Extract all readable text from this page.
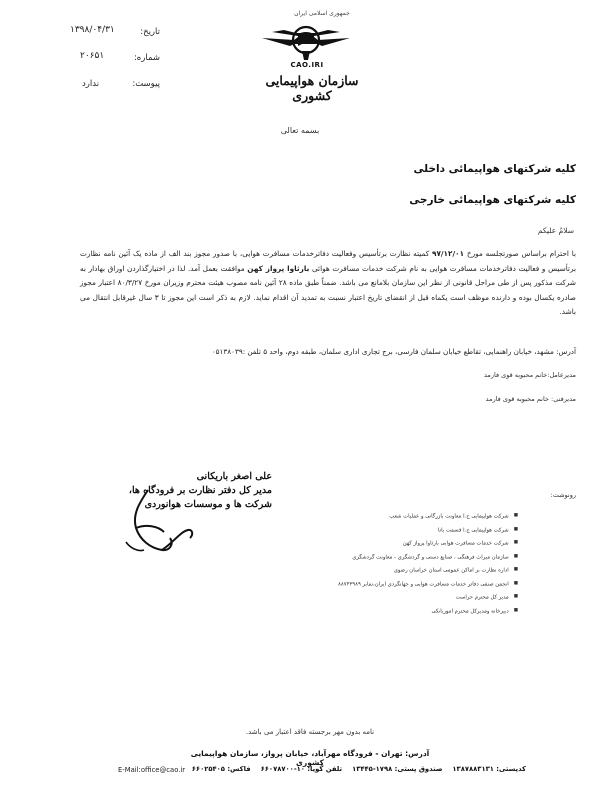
تاریخ:
۱۳۹۸/۰۴/۳۱
شماره:
۲۰۶۵۱
پیوست:
ندارد
جمهوری اسلامی ایران
CAO.IRI
سازمان هواپیمایی کشوری
بسمه تعالی
کلیه شرکتهای هواپیمائی داخلی
کلیه شرکتهای هواپیمائی خارجی
سلامٌ علیکم
با احترام براساس صورتجلسه مورخ ۹۷/۱۲/۰۱ کمیته نظارت برتأسیس وفعالیت دفاترخدمات مسافرت هوایی، با صدور مجوز بند الف از ماده یک آئین نامه نظارت برتأسیس و فعالیت دفاترخدمات مسافرت هوایی به نام شرکت خدمات مسافرت هوائی بارثاوا پرواز کهن موافقت بعمل آمد. لذا در اختیارگذاردن اوراق بهادار به شرکت مذکور پس از طی مراحل قانونی از نظر این سازمان بلامانع می باشد. ضمناً طبق ماده ۲۸ آئین نامه مصوب هیئت محترم وزیران مورخ ۸۰/۳/۲۷ اعتبار مجوز صادره یکسال بوده و دارنده موظف است یکماه قبل از انقضای تاریخ اعتبار نسبت به تمدید آن اقدام نماید. لازم به ذکر است این مجوز تا ۳ سال غیرقابل انتقال می باشد.
آدرس: مشهد، خیابان راهنمایی، تقاطع خیابان سلمان فارسی، برج تجاری اداری سلمان، طبقه دوم، واحد ۵ تلفن :۰۵۱۳۸۰۳۹
مدیرعامل:خانم محبوبه قوی فارمد
مدیرفنی: خانم محبوبه قوی فارمد
علی اصغر باریکانی
مدیر کل دفتر نظارت بر فرودگاه ها،
شرکت ها و موسسات هوانوردی
رونوشت:
■ شرکت هواپیمایی ج.ا معاونت بازرگانی و عملیات شعب
■ شرکت هواپیمایی ج.ا قسمت یاتا
■ شرکت خدمات مسافرت هوایی بارثاوا پرواز کهن
■ سازمان میراث فرهنگی ، صنایع دستی و گردشگری - معاونت گردشگری
■ اداره نظارت بر اماکن عمومی استان خراسان رضوی
■ انجمن صنفی دفاتر خدمات مسافرت هوایی و جهانگردی ایران،نمابر ۸۸۷۴۳۹۸۹
■ مدیر کل محترم حراست
■ دبیرخانه ومدیرکل محترم اموربانکی
نامه بدون مهر برجسته فاقد اعتبار می باشد.
آدرس: تهران - فرودگاه مهرآباد، خیابان پرواز، سازمان هواپیمایی کشوری
کدپستی: ۱۳۸۷۸۸۳۱۳۱
صندوق پستی: ۱۷۹۸-۱۳۴۴۵
تلفن گویا: ۱۰-۶۶۰۷۸۷۰۰
فاکس: ۶۶۰۲۵۴۰۵
E-Mail:office@cao.ir
